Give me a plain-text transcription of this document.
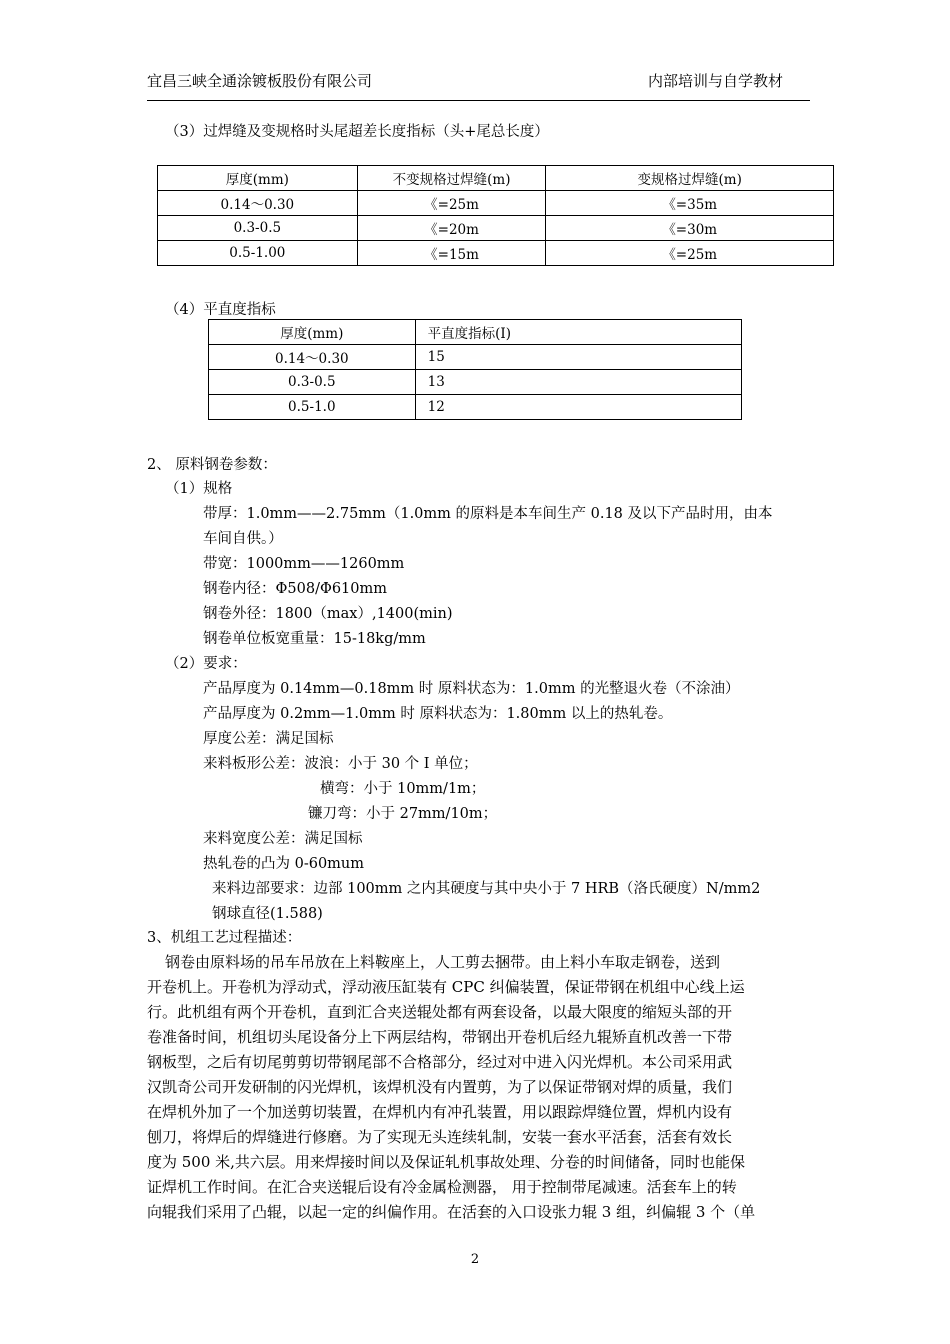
宜昌三峡全通涂镀板股份有限公司	内部培训与自学教材
（3）过焊缝及变规格时头尾超差长度指标（头+尾总长度）
厚度(mm)	不变规格过焊缝(m)	变规格过焊缝(m)
0.14～0.30	《=25m	《=35m
0.3-0.5	《=20m	《=30m
0.5-1.00	《=15m	《=25m
（4）平直度指标
厚度(mm)	平直度指标(I)
0.14～0.30	15
0.3-0.5	13
0.5-1.0	12
2、 原料钢卷参数：
（1）规格
带厚：1.0mm——2.75mm（1.0mm 的原料是本车间生产 0.18 及以下产品时用，由本
车间自供。）
带宽：1000mm——1260mm
钢卷内径：Φ508/Φ610mm
钢卷外径：1800（max）,1400(min)
钢卷单位板宽重量：15-18kg/mm
（2）要求：
产品厚度为 0.14mm—0.18mm 时 原料状态为：1.0mm 的光整退火卷（不涂油）
产品厚度为 0.2mm—1.0mm 时 原料状态为：1.80mm 以上的热轧卷。
厚度公差：满足国标
来料板形公差：波浪：小于 30 个 I 单位；
横弯：小于 10mm/1m；
镰刀弯：小于 27mm/10m；
来料宽度公差：满足国标
热轧卷的凸为 0-60mum
来料边部要求：边部 100mm 之内其硬度与其中央小于 7 HRB（洛氏硬度）N/mm2
钢球直径(1.588)
3、机组工艺过程描述：
钢卷由原料场的吊车吊放在上料鞍座上，人工剪去捆带。由上料小车取走钢卷，送到
开卷机上。开卷机为浮动式，浮动液压缸装有 CPC 纠偏装置，保证带钢在机组中心线上运
行。此机组有两个开卷机，直到汇合夹送辊处都有两套设备，以最大限度的缩短头部的开
卷准备时间，机组切头尾设备分上下两层结构，带钢出开卷机后经九辊矫直机改善一下带
钢板型，之后有切尾剪剪切带钢尾部不合格部分，经过对中进入闪光焊机。本公司采用武
汉凯奇公司开发研制的闪光焊机，该焊机没有内置剪，为了以保证带钢对焊的质量，我们
在焊机外加了一个加送剪切装置，在焊机内有冲孔装置，用以跟踪焊缝位置，焊机内设有
刨刀，将焊后的焊缝进行修磨。为了实现无头连续轧制，安装一套水平活套，活套有效长
度为 500 米,共六层。用来焊接时间以及保证轧机事故处理、分卷的时间储备，同时也能保
证焊机工作时间。在汇合夹送辊后设有冷金属检测器， 用于控制带尾减速。活套车上的转
向辊我们采用了凸辊，以起一定的纠偏作用。在活套的入口设张力辊 3 组，纠偏辊 3 个（单
2
